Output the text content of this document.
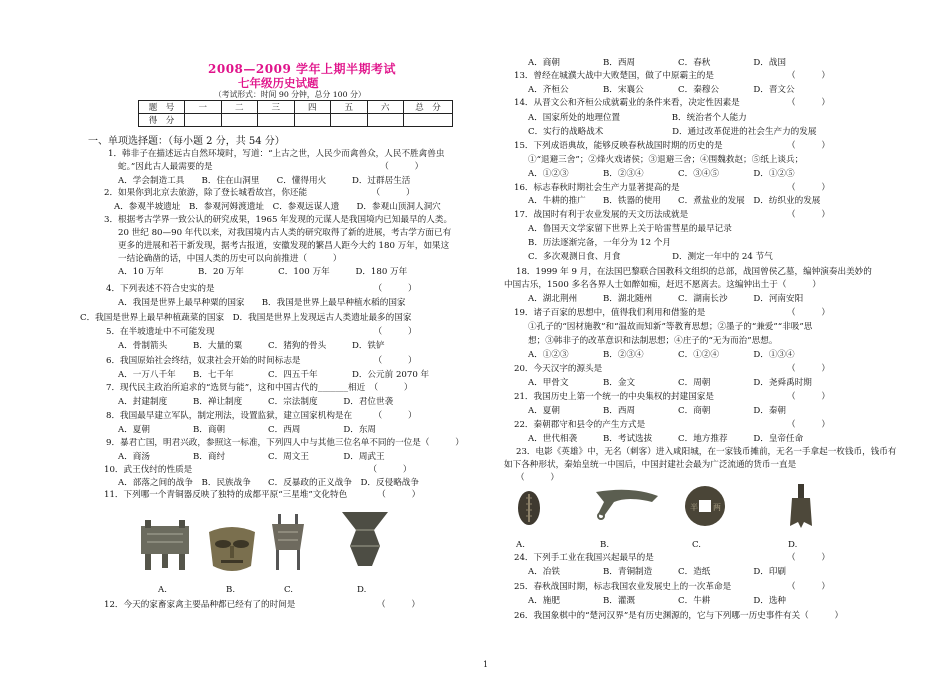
2008—2009 学年上期半期考试
七年级历史试题
（考试形式：时间 90 分钟，总分 100 分）
题　号	一	二	三	四	五	六	总　分
得　分							
一、单项选择题：（每小题 2 分，共 54 分）
1．韩非子在描述远古自然环境时，写道：“上古之世，人民少而禽兽众，人民不胜禽兽虫
蛇。”因此古人最需要的是　　　　　　　　　　　　　　　　　　　　（　　　）
A．学会制造工具　　B．住在山洞里　　C．懂得用火　　　D．过群居生活
2．如果你到北京去旅游，除了登长城看故宫，你还能　　　　　　　　（　　　）
A．参观半坡遗址　B．参观河姆渡遗址　C．参观远谋人遗　　D．参观山顶洞人洞穴
3．根据考古学界一致公认的研究成果，1965 年发现的元谋人是我国境内已知最早的人类。
20 世纪 80—90 年代以来，对我国境内古人类的研究取得了新的进展，考古学方面已有
更多的进展和若干新发现，据考古报道，安徽发现的繁昌人距今大约 180 万年，如果这
一结论确凿的话，中国人类的历史可以向前推进（　　　）
A．10 万年　　　　B．20 万年　　　　C．100 万年　　　D．180 万年
4．下列表述不符合史实的是　　　　　　　　　　　　　　　　　　　（　　　）
A．我国是世界上最早种粟的国家　　B．我国是世界上最早种植水稻的国家
C．我国是世界上最早种植蔬菜的国家　D．我国是世界上发现远古人类遗址最多的国家
5．在半坡遗址中不可能发现　　　　　　　　　　　　　　　　　　　（　　　）
A．骨制箭头　　　B．大量的粟　　　C．猪狗的骨头　　　D．铁铲
6．我国原始社会终结，奴隶社会开始的时间标志是　　　　　　　　　（　　　）
A．一万八千年　　B．七千年　　　　C．四五千年　　　　D．公元前 2070 年
7．现代民主政治所追求的“选贤与能”，这和中国古代的_______相近　（　　　）
A．封建制度　　　B．禅让制度　　　C．宗法制度　　　D．君位世袭
8．我国最早建立军队，制定刑法，设置监狱，建立国家机构是在　　　（　　　）
A．夏朝　　　　　B．商朝　　　　　C．西周　　　　　D．东周
9．暴君亡国，明君兴政，参照这一标准，下列四人中与其他三位名单不同的一位是（　　　）
A．商汤　　　　　B．商纣　　　　　C．周文王　　　　D．周武王
10．武王伐纣的性质是　　　　　　　　　　　　　　　　　　　　　（　　　）
A．部落之间的战争　B．民族战争　　C．反暴政的正义战争　D．反侵略战争
11．下列哪一个青铜器反映了独特的成都平原“三星堆”文化特色　　　　（　　　）
12．今天的家畜家禽主要品种都已经有了的时间是　　　　　　　　　　（　　　）
A.	B.	C.	D.
A．商朝　　　　　B．西周　　　　　C．春秋　　　　　D．战国
13．曾经在城濮大战中大败楚国，做了中原霸主的是　　　　　　　　　（　　　）
A．齐桓公　　　　B．宋襄公　　　　C．秦穆公　　　　D．晋文公
14．从晋文公和齐桓公成就霸业的条件来看，决定性因素是　　　　　　（　　　）
A．国家所处的地理位置　　　　　　B．统治者个人能力
C．实行的战略战术　　　　　　　　D．通过改革促进的社会生产力的发展
15．下列成语典故，能够反映春秋战国时期的历史的是　　　　　　　　（　　　）
①“退避三舍”；②烽火戏诸侯；③退避三舍；④围魏救赵；⑤纸上谈兵；
A．①②③　　　　B．②③④　　　　C．③④⑤　　　　D．①②⑤
16．标志春秋时期社会生产力显著提高的是　　　　　　　　　　　　　（　　　）
A．牛耕的推广　　B．铁器的使用　　C．煮盐业的发展　D．纺织业的发展
17．战国时有利于农业发展的天文历法成就是　　　　　　　　　　　　（　　　）
A．鲁国天文学家留下世界上关于哈雷彗星的最早记录
B．历法逐渐完备，一年分为 12 个月
C．多次观测日食、月食　　　　　　D．测定一年中的 24 节气
18．1999 年 9 月，在法国巴黎联合国教科文组织的总部，战国曾侯乙墓，编钟演奏出美妙的
中国古乐，1500 多名各界人士如醉如痴，赶迟不愿离去。这编钟出土于（　　　）
A．湖北荆州　　　B．湖北随州　　　C．湖南长沙　　　D．河南安阳
19．诸子百家的思想中，值得我们利用和借鉴的是　　　　　　　　　　（　　　）
①孔子的“因材施教”和“温故而知新”等教育思想；②墨子的“兼爱”“非吸”思
想；③韩非子的改革意识和法制思想；④庄子的“无为而治”思想。
A．①②③　　　　B．②③④　　　　C．①②④　　　　D．①③④
20．今天汉字的源头是　　　　　　　　　　　　　　　　　　　　　　（　　　）
A．甲骨文　　　　B．金文　　　　　C．周朝　　　　　D．尧舜禹时期
21．我国历史上第一个统一的中央集权的封建国家是　　　　　　　　　（　　　）
A．夏朝　　　　　B．西周　　　　　C．商朝　　　　　D．秦朝
22．秦朝郡守和县令的产生方式是　　　　　　　　　　　　　　　　　（　　　）
A．世代相袭　　　B．考试选拔　　　C．地方推荐　　　D．皇帝任命
23．电影《英雄》中，无名（刺客）进入咸阳城，在一家钱币摊前，无名一手拿起一枚钱币，钱币有
如下各种形状，秦始皇统一中国后，中国封建社会最为广泛流通的货币一直是
（　　　）
24．下列手工业在我国兴起最早的是　　　　　　　　　　　　　　　　（　　　）
A．冶铁　　　　　B．青铜制造　　　C．造纸　　　　　D．印刷
25．春秋战国时期，标志我国农业发展史上的一次革命是　　　　　　　（　　　）
A．施肥　　　　　B．灌溉　　　　　C．牛耕　　　　　D．选种
26．我国象棋中的“楚河汉界”是有历史渊源的，它与下列哪一历史事件有关（　　　）
半 两
A.	B.	C.	D.
1
